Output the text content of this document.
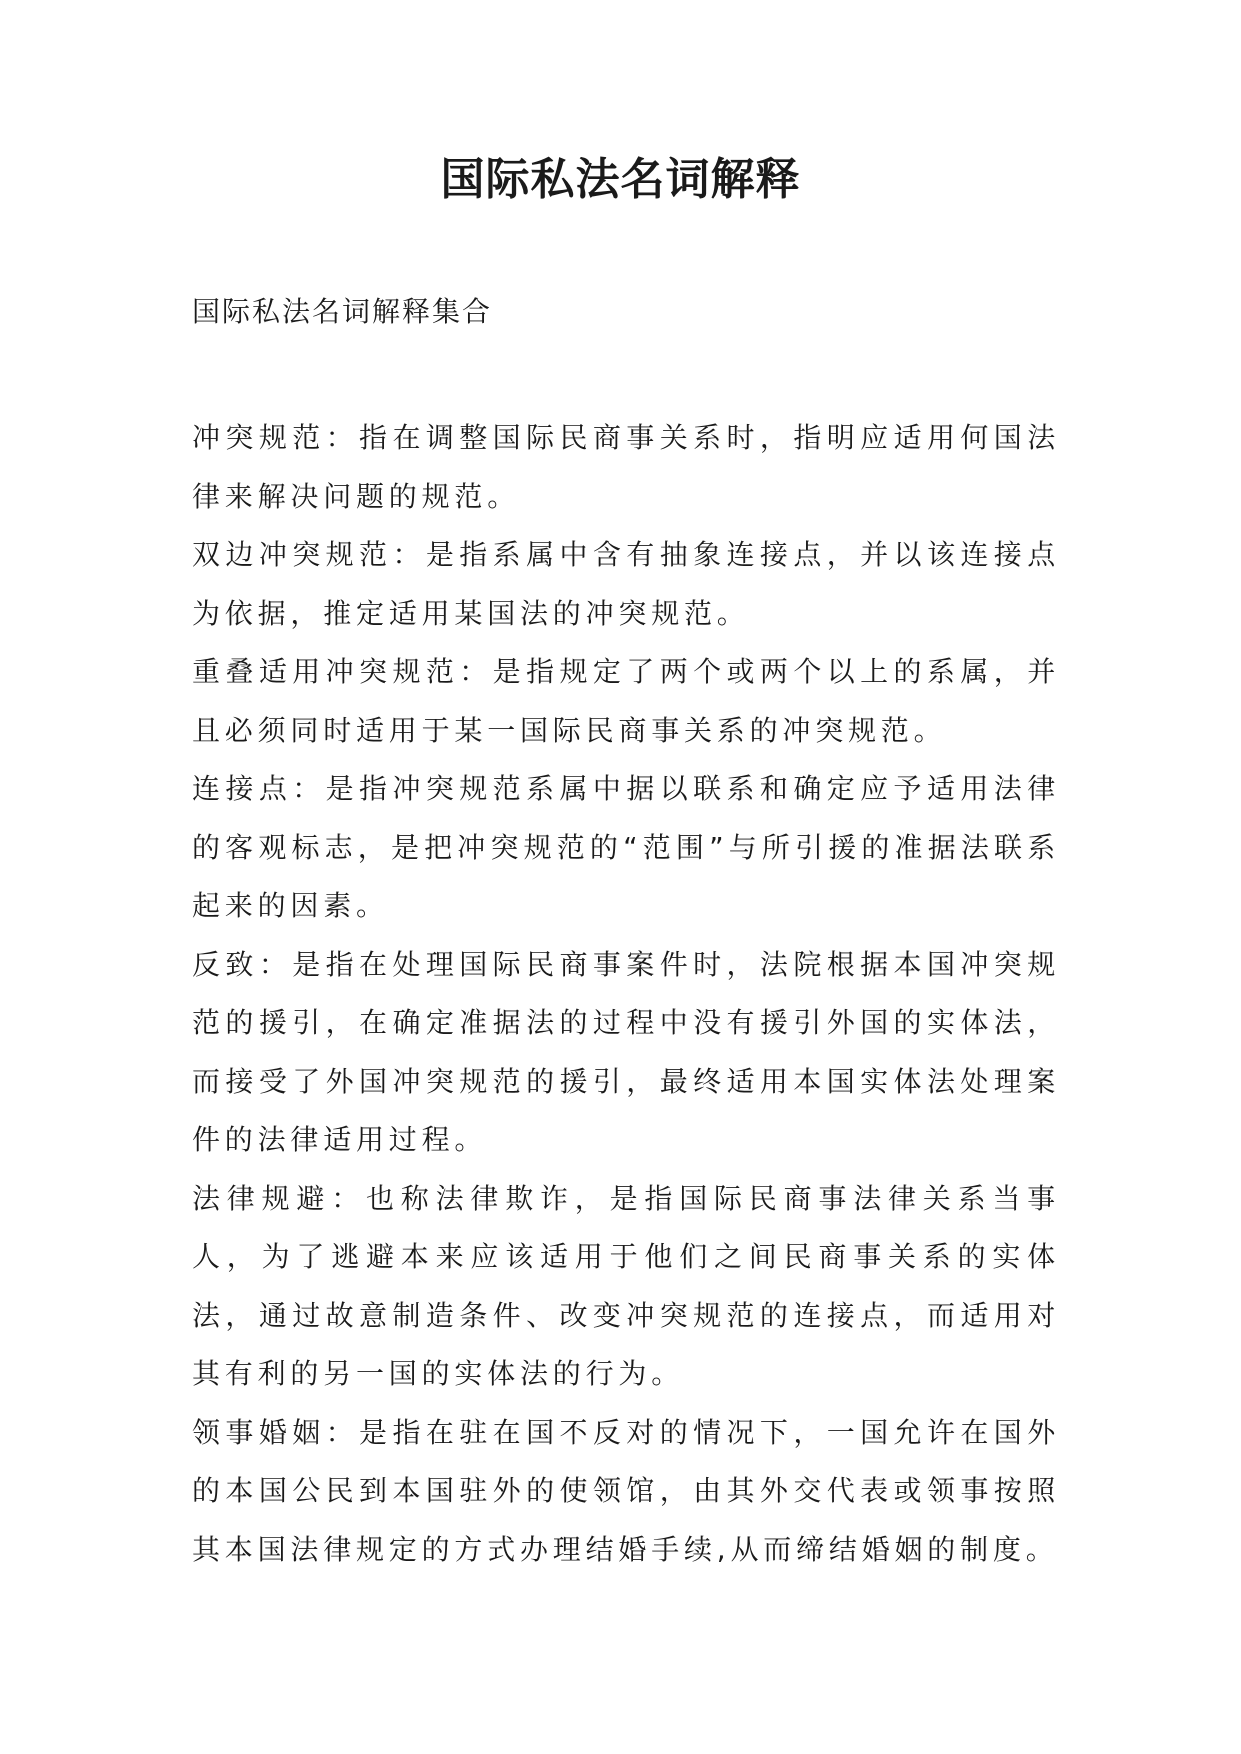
国际私法名词解释

国际私法名词解释集合

冲突规范：指在调整国际民商事关系时，指明应适用何国法律来解决问题的规范。

双边冲突规范：是指系属中含有抽象连接点，并以该连接点为依据，推定适用某国法的冲突规范。

重叠适用冲突规范：是指规定了两个或两个以上的系属，并且必须同时适用于某一国际民商事关系的冲突规范。

连接点：是指冲突规范系属中据以联系和确定应予适用法律的客观标志，是把冲突规范的“范围”与所引援的准据法联系起来的因素。

反致：是指在处理国际民商事案件时，法院根据本国冲突规范的援引，在确定准据法的过程中没有援引外国的实体法，而接受了外国冲突规范的援引，最终适用本国实体法处理案件的法律适用过程。

法律规避：也称法律欺诈，是指国际民商事法律关系当事人，为了逃避本来应该适用于他们之间民商事关系的实体法，通过故意制造条件、改变冲突规范的连接点，而适用对其有利的另一国的实体法的行为。

领事婚姻：是指在驻在国不反对的情况下，一国允许在国外的本国公民到本国驻外的使领馆，由其外交代表或领事按照其本国法律规定的方式办理结婚手续,从而缔结婚姻的制度。
